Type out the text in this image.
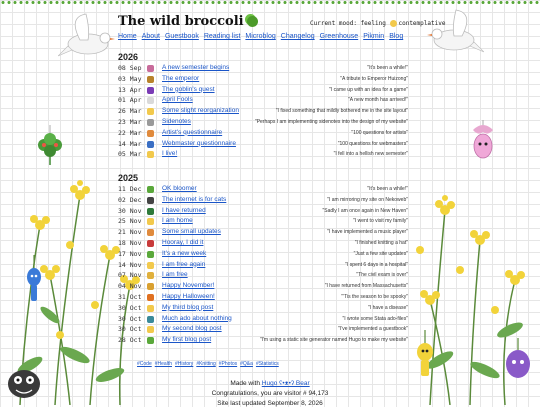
The wild broccoli	Current mood: feeling contemplative
Home About Guestbook Reading list Microblog Changelog Greenhouse Pikmin Blog
2026
08 Sep	A new semester begins	"It's been a while!"
03 May	The emperor	"A tribute to Emperor Huizong"
13 Apr	The goblin's quest	"I came up with an idea for a game"
01 Apr	April Fools	"A new month has arrived!"
26 Mar	Some slight reorganization	"I fixed something that mildly bothered me in the site layout"
23 Mar	Sidenotes	"Perhaps I am implementing sidenotes into the design of my website"
22 Mar	Artist's questionnaire	"100 questions for artists"
14 Mar	Webmaster questionnaire	"100 questions for webmasters"
05 Mar	I live!	"I fell into a hellish new semester"
2025
11 Dec	OK bloomer	"It's been a while!"
02 Dec	The internet is for cats	"I am mirroring my site on Nekoweb"
30 Nov	I have returned	"Sadly I am once again in New Haven"
25 Nov	I am home	"I went to visit my family"
21 Nov	Some small updates	"I have implemented a music player"
18 Nov	Hooray, I did it	"I finished knitting a hat"
17 Nov	It's a new week	"Just a few site updates"
14 Nov	I am free again	"I spent 6 days in a hospital"
07 Nov	I am free	"The civil exam is over"
04 Nov	Happy November!	"I have returned from Massachusetts"
31 Oct	Happy Halloween!	"'Tis the season to be spooky"
30 Oct	My third blog post	"I have a disease"
30 Oct	Much ado about nothing	"I wrote some Stata ado-files"
30 Oct	My second blog post	"I've implemented a guestbook"
28 Oct	My first blog post	"I'm using a static site generator named Hugo to make my website"
#Code #Health #History #Knitting #Photos #Q&a #Statistics
Made with Hugo ʕ•ᴥ•ʔ Bear
Congratulations, you are visitor # 94,173
Site last updated September 8, 2026
